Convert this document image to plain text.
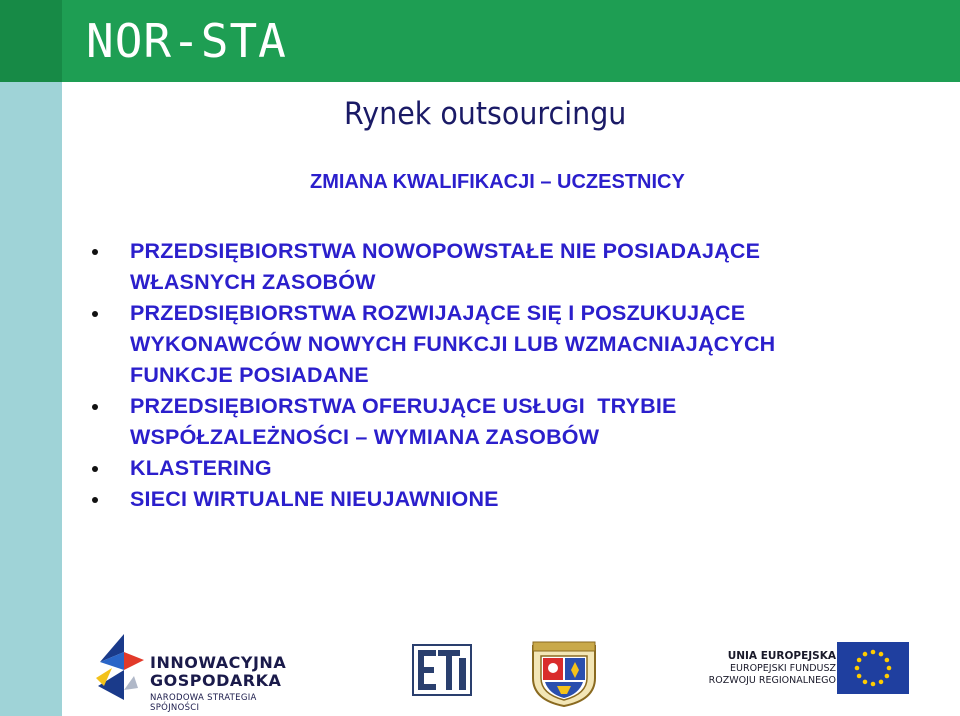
NOR-STA
Rynek outsourcingu
ZMIANA KWALIFIKACJI – UCZESTNICY
PRZEDSIĘBIORSTWA NOWOPOWSTAŁE NIE POSIADAJĄCE
WŁASNYCH ZASOBÓW
PRZEDSIĘBIORSTWA ROZWIJAJĄCE SIĘ I POSZUKUJĄCE
WYKONAWCÓW NOWYCH FUNKCJI LUB WZMACNIAJĄCYCH
FUNKCJE POSIADANE
PRZEDSIĘBIORSTWA OFERUJĄCE USŁUGI  TRYBIE
WSPÓŁZALEŻNOŚCI – WYMIANA ZASOBÓW
KLASTERING
SIECI WIRTUALNE NIEUJAWNIONE
INNOWACYJNA
GOSPODARKA
NARODOWA STRATEGIA SPÓJNOŚCI
UNIA EUROPEJSKA
EUROPEJSKI FUNDUSZ
ROZWOJU REGIONALNEGO
